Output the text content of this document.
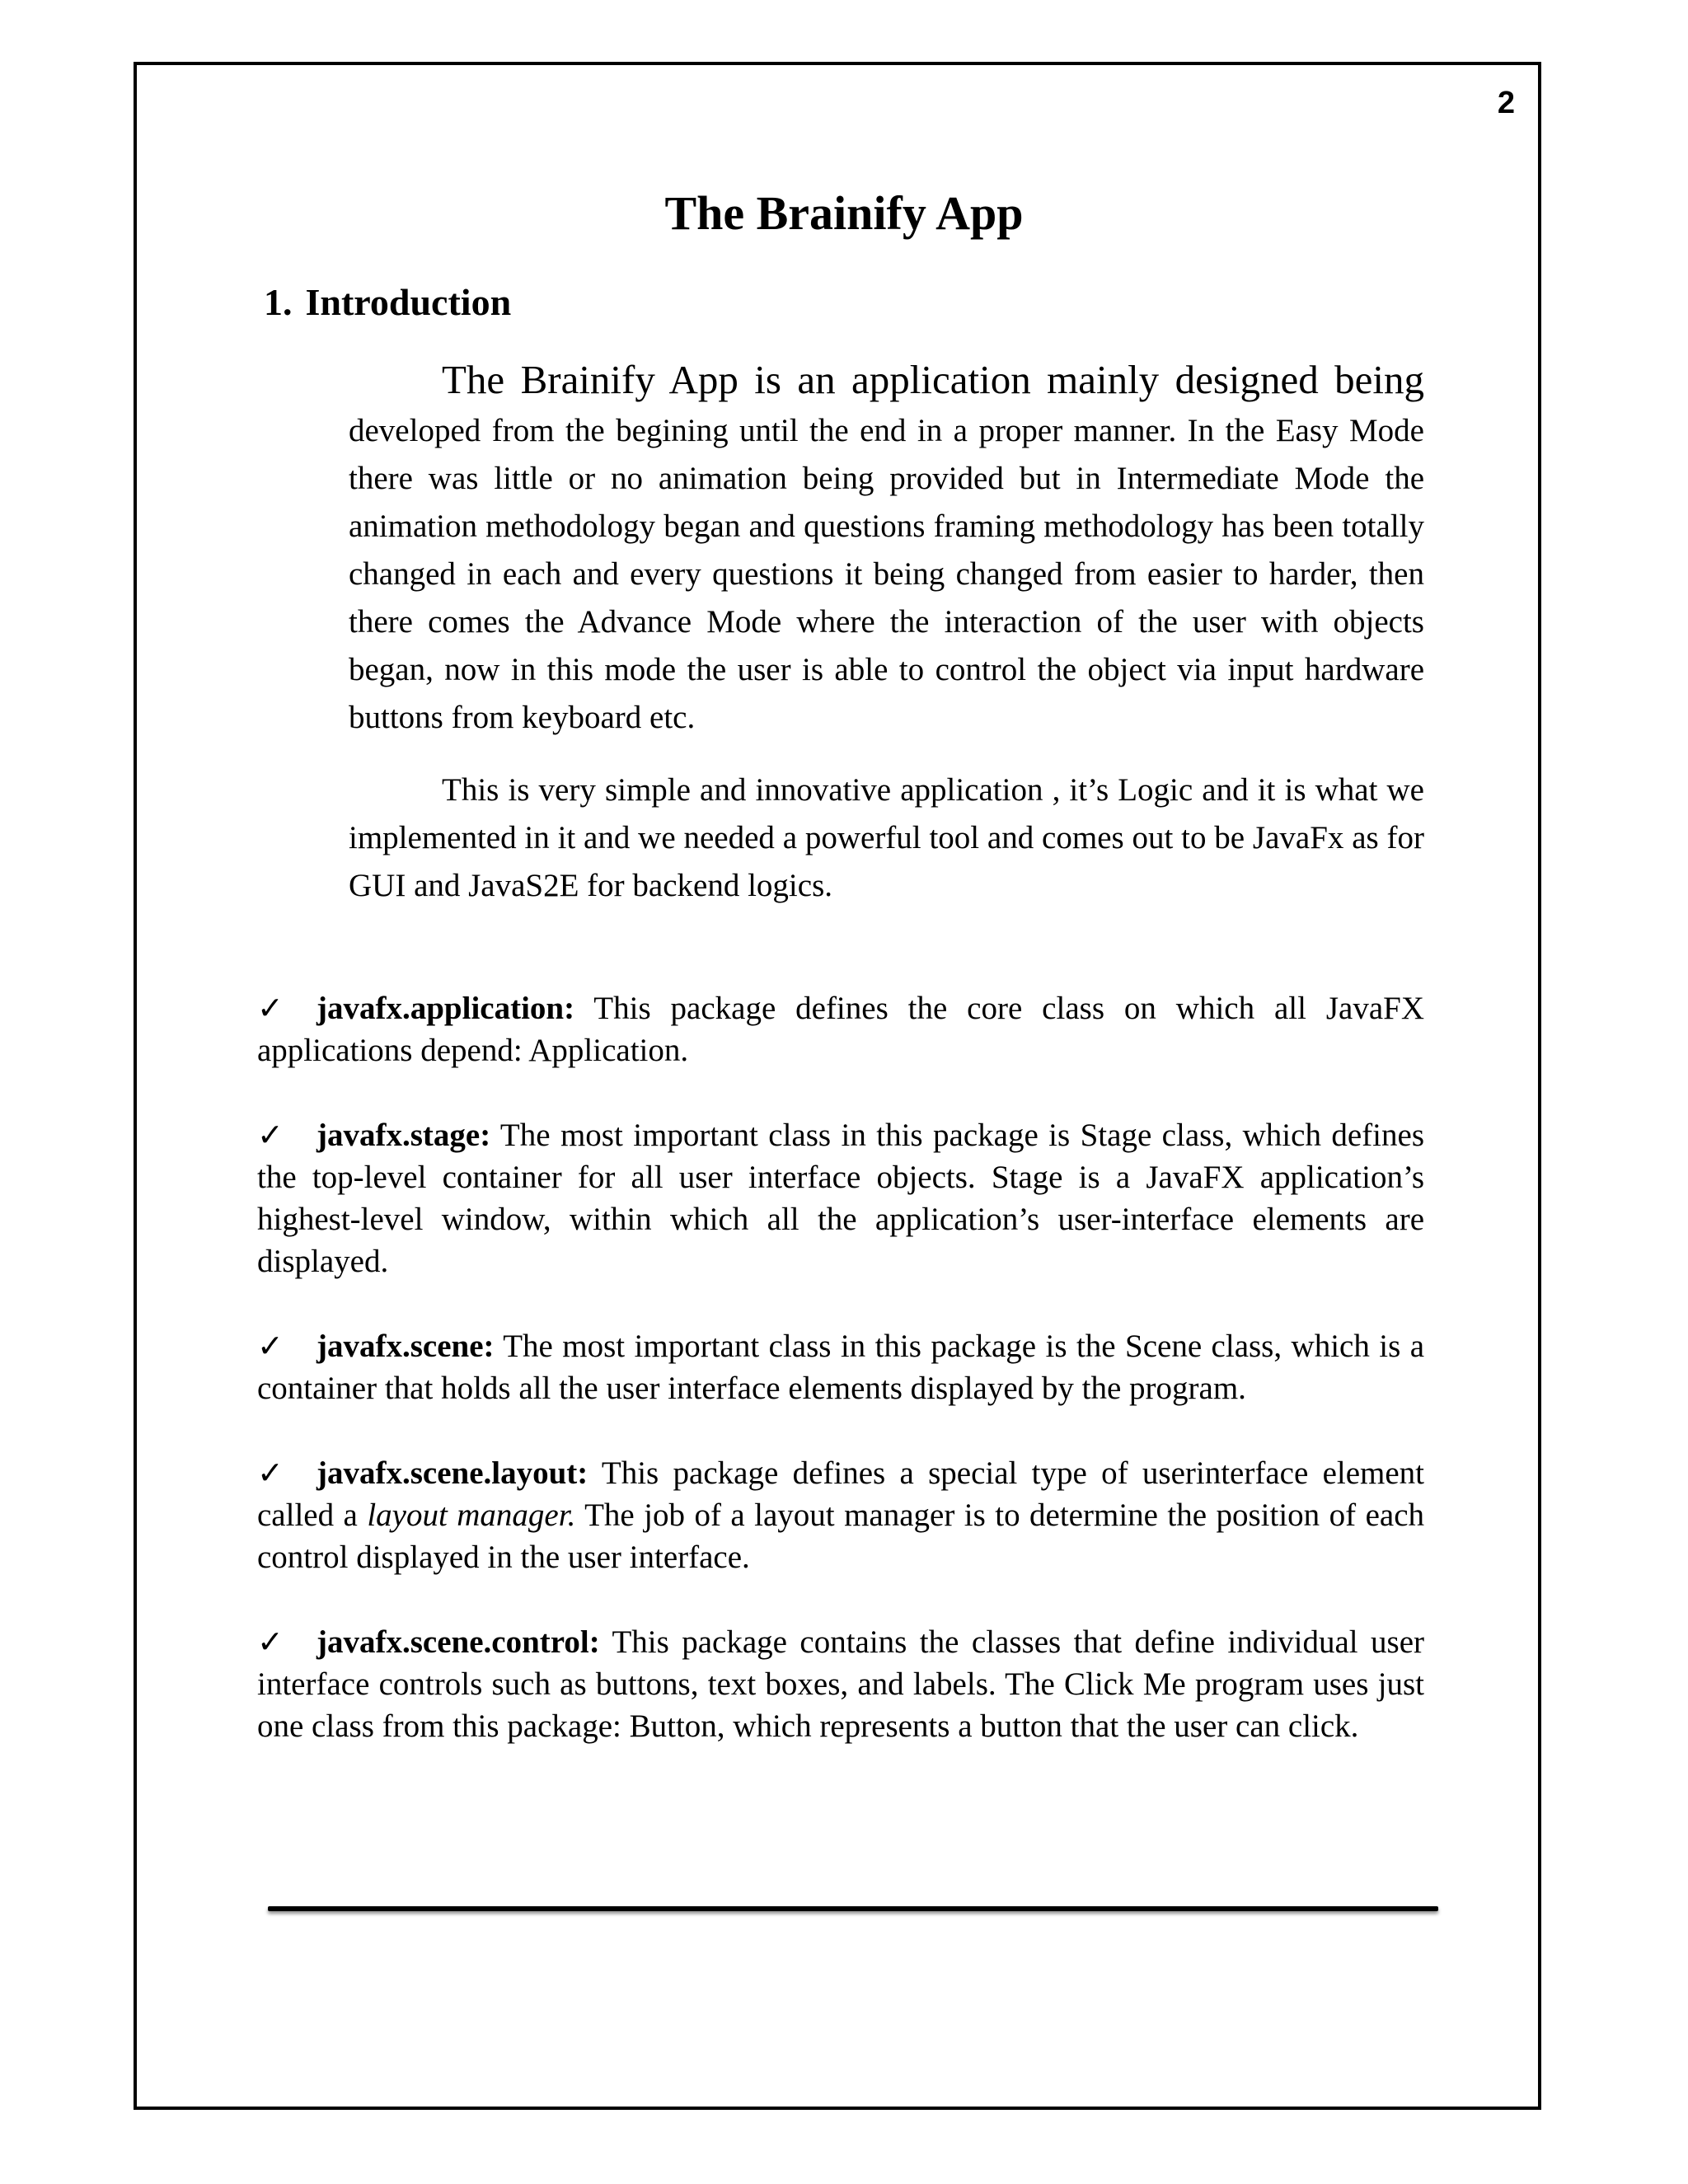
2
The Brainify App
1. Introduction

The Brainify App is an application mainly designed being developed from the begining until the end in a proper manner. In the Easy Mode there was little or no animation being provided but in Intermediate Mode the animation methodology began and questions framing methodology has been totally changed in each and every questions it being changed from easier to harder, then there comes the Advance Mode where the interaction of the user with objects began, now in this mode the user is able to control the object via input hardware buttons from keyboard etc.

This is very simple and innovative application , it’s Logic and it is what we implemented in it and we needed a powerful tool and comes out to be JavaFx as for GUI and JavaS2E for backend logics.

✓ javafx.application: This package defines the core class on which all JavaFX applications depend: Application.

✓ javafx.stage: The most important class in this package is Stage class, which defines the top-level container for all user interface objects. Stage is a JavaFX application’s highest-level window, within which all the application’s user-interface elements are displayed.

✓ javafx.scene: The most important class in this package is the Scene class, which is a container that holds all the user interface elements displayed by the program.

✓ javafx.scene.layout: This package defines a special type of userinterface element called a layout manager. The job of a layout manager is to determine the position of each control displayed in the user interface.

✓ javafx.scene.control: This package contains the classes that define individual user interface controls such as buttons, text boxes, and labels. The Click Me program uses just one class from this package: Button, which represents a button that the user can click.
